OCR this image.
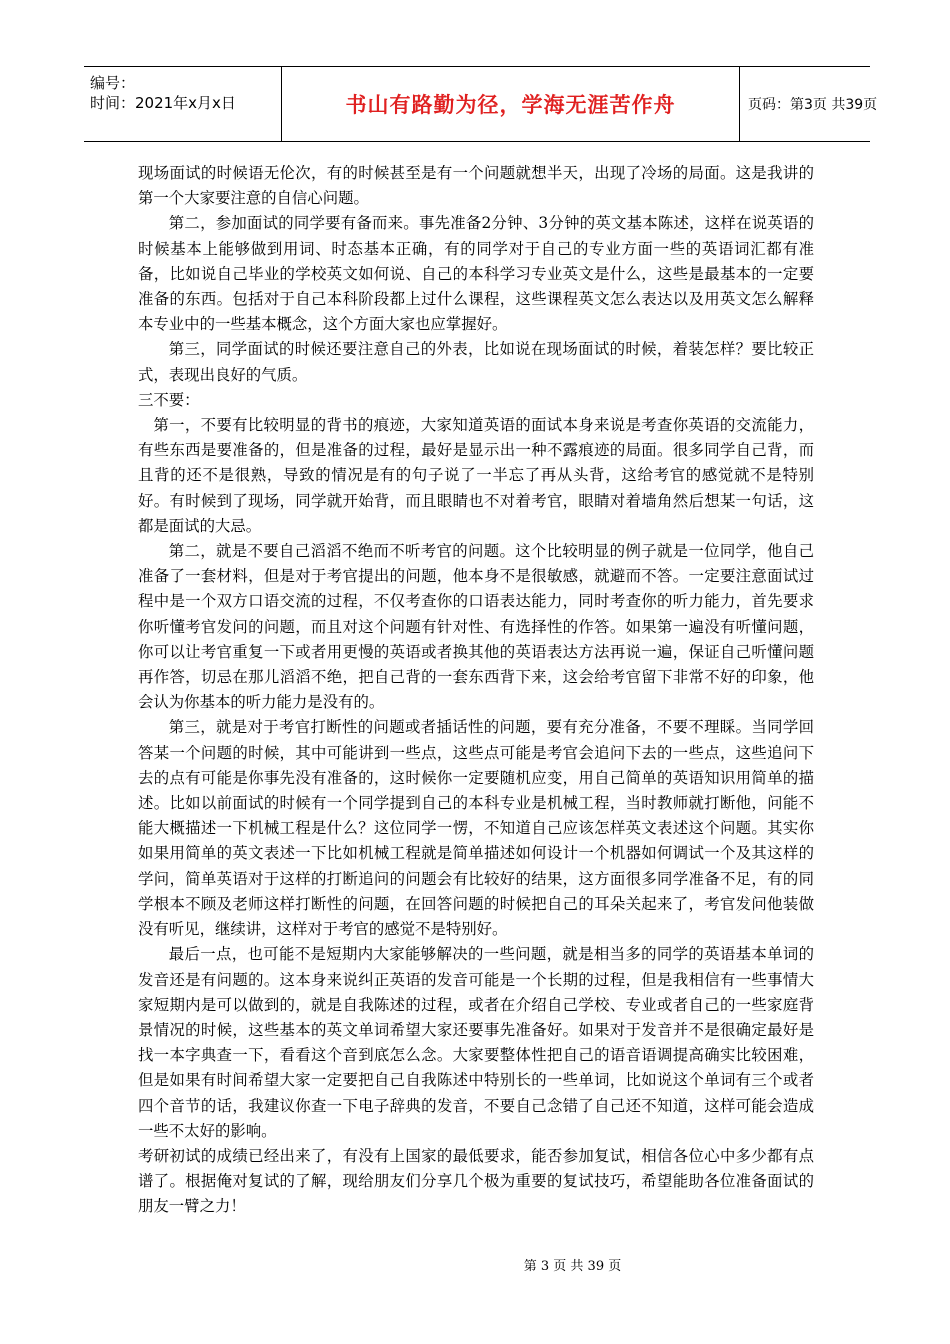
编号：
时间：2021年x月x日	书山有路勤为径，学海无涯苦作舟	页码：第3页 共39页

现场面试的时候语无伦次，有的时候甚至是有一个问题就想半天，出现了冷场的局面。这是我讲的第一个大家要注意的自信心问题。

第二，参加面试的同学要有备而来。事先准备2分钟、3分钟的英文基本陈述，这样在说英语的时候基本上能够做到用词、时态基本正确，有的同学对于自己的专业方面一些的英语词汇都有准备，比如说自己毕业的学校英文如何说、自己的本科学习专业英文是什么，这些是最基本的一定要准备的东西。包括对于自己本科阶段都上过什么课程，这些课程英文怎么表达以及用英文怎么解释本专业中的一些基本概念，这个方面大家也应掌握好。

第三，同学面试的时候还要注意自己的外表，比如说在现场面试的时候，着装怎样？要比较正式，表现出良好的气质。

三不要：

第一，不要有比较明显的背书的痕迹，大家知道英语的面试本身来说是考查你英语的交流能力，有些东西是要准备的，但是准备的过程，最好是显示出一种不露痕迹的局面。很多同学自己背，而且背的还不是很熟，导致的情况是有的句子说了一半忘了再从头背，这给考官的感觉就不是特别好。有时候到了现场，同学就开始背，而且眼睛也不对着考官，眼睛对着墙角然后想某一句话，这都是面试的大忌。

第二，就是不要自己滔滔不绝而不听考官的问题。这个比较明显的例子就是一位同学，他自己准备了一套材料，但是对于考官提出的问题，他本身不是很敏感，就避而不答。一定要注意面试过程中是一个双方口语交流的过程，不仅考查你的口语表达能力，同时考查你的听力能力，首先要求你听懂考官发问的问题，而且对这个问题有针对性、有选择性的作答。如果第一遍没有听懂问题，你可以让考官重复一下或者用更慢的英语或者换其他的英语表达方法再说一遍，保证自己听懂问题再作答，切忌在那儿滔滔不绝，把自己背的一套东西背下来，这会给考官留下非常不好的印象，他会认为你基本的听力能力是没有的。

第三，就是对于考官打断性的问题或者插话性的问题，要有充分准备，不要不理睬。当同学回答某一个问题的时候，其中可能讲到一些点，这些点可能是考官会追问下去的一些点，这些追问下去的点有可能是你事先没有准备的，这时候你一定要随机应变，用自己简单的英语知识用简单的描述。比如以前面试的时候有一个同学提到自己的本科专业是机械工程，当时教师就打断他，问能不能大概描述一下机械工程是什么？这位同学一愣，不知道自己应该怎样英文表述这个问题。其实你如果用简单的英文表述一下比如机械工程就是简单描述如何设计一个机器如何调试一个及其这样的学问，简单英语对于这样的打断追问的问题会有比较好的结果，这方面很多同学准备不足，有的同学根本不顾及老师这样打断性的问题，在回答问题的时候把自己的耳朵关起来了，考官发问他装做没有听见，继续讲，这样对于考官的感觉不是特别好。

最后一点，也可能不是短期内大家能够解决的一些问题，就是相当多的同学的英语基本单词的发音还是有问题的。这本身来说纠正英语的发音可能是一个长期的过程，但是我相信有一些事情大家短期内是可以做到的，就是自我陈述的过程，或者在介绍自己学校、专业或者自己的一些家庭背景情况的时候，这些基本的英文单词希望大家还要事先准备好。如果对于发音并不是很确定最好是找一本字典查一下，看看这个音到底怎么念。大家要整体性把自己的语音语调提高确实比较困难，但是如果有时间希望大家一定要把自己自我陈述中特别长的一些单词，比如说这个单词有三个或者四个音节的话，我建议你查一下电子辞典的发音，不要自己念错了自己还不知道，这样可能会造成一些不太好的影响。

考研初试的成绩已经出来了，有没有上国家的最低要求，能否参加复试，相信各位心中多少都有点谱了。根据俺对复试的了解，现给朋友们分享几个极为重要的复试技巧，希望能助各位准备面试的朋友一臂之力！

第 3 页 共 39 页
